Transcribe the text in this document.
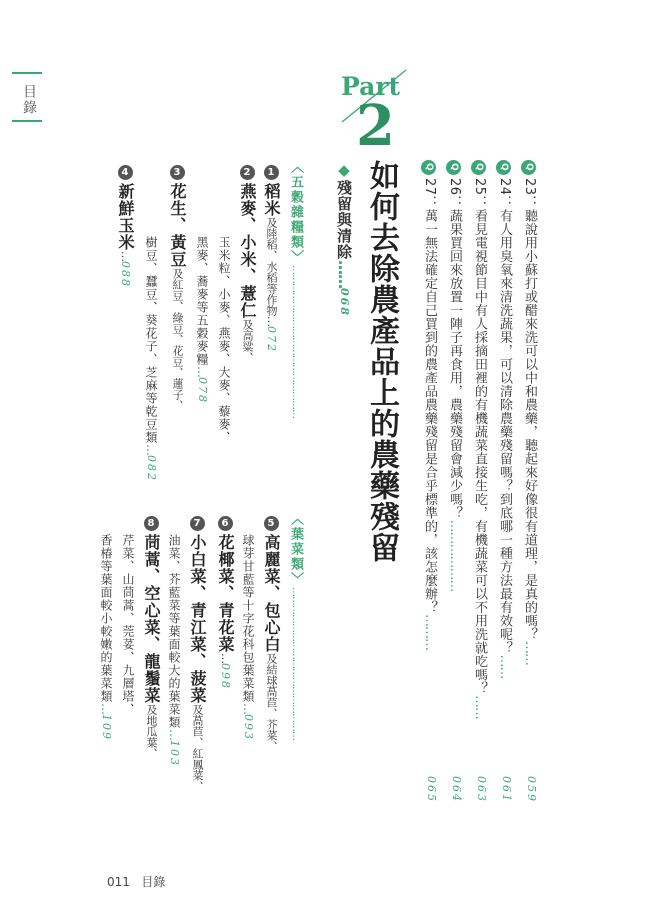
目錄	Part
2
如何去除農產品上的農藥殘留
◆殘留與清除……068
Q27：萬一無法確定自己買到的農產品農藥殘留是合乎標準的，該怎麼辦？………
065
Q26：蔬果買回來放置一陣子再食用，農藥殘留會減少嗎？………………
064
Q25：看見電視節目中有人採摘田裡的有機蔬菜直接生吃，有機蔬菜可以不用洗就吃嗎？……
063
Q24：有人用臭氧來清洗蔬果，可以清除農藥殘留嗎？到底哪一種方法最有效呢？……
061
Q23：聽說用小蘇打或醋來洗可以中和農藥，聽起來好像很有道理，是真的嗎？……
059
〈五穀雜糧類〉……………………………………………
1稻米及陸稻、水稻等作物…072
2燕麥、小米、薏仁及高粱、
玉米粒、小麥、燕麥、大麥、藜麥、
黑麥、蕎麥等五穀麥糧…078
3花生、黃豆及紅豆、綠豆、花豆、蓮子、
樹豆、蠶豆、葵花子、芝麻等乾豆類…082
4新鮮玉米…088
〈葉菜類〉……………………………………………
5高麗菜、包心白及結球萵苣、芥菜、
球芽甘藍等十字花科包葉菜類…093
6花椰菜、青花菜…098
7小白菜、青江菜、菠菜及萵苣、紅鳳菜、
油菜、芥藍菜等葉面較大的葉菜類…103
8茼蒿、空心菜、龍鬚菜及地瓜葉、
芹菜、山茼蒿、莞荽、九層塔、
香椿等葉面較小較嫩的葉菜類…109
011 目錄
